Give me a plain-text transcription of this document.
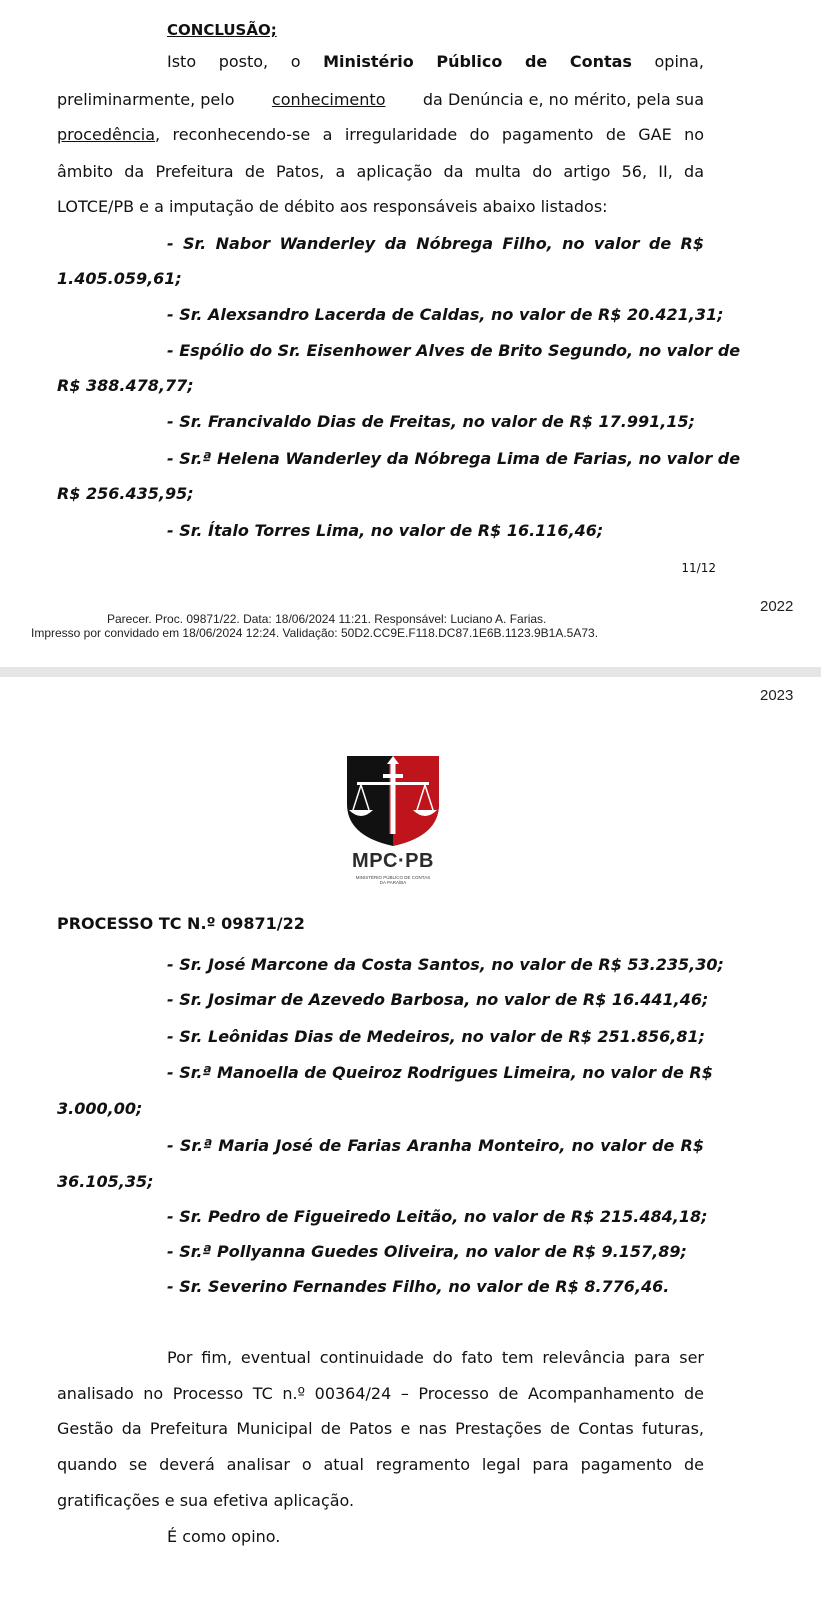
CONCLUSÃO;
Isto posto, o Ministério Público de Contas opina,
preliminarmente, pelo conhecimento da Denúncia e, no mérito, pela sua
procedência , reconhecendo-se a irregularidade do pagamento de GAE no
âmbito da Prefeitura de Patos, a aplicação da multa do artigo 56, II, da
LOTCE/PB e a imputação de débito aos responsáveis abaixo listados:
- Sr. Nabor Wanderley da Nóbrega Filho, no valor de R$
1.405.059,61;
- Sr. Alexsandro Lacerda de Caldas, no valor de R$ 20.421,31;
- Espólio do Sr. Eisenhower Alves de Brito Segundo, no valor de
R$ 388.478,77;
- Sr. Francivaldo Dias de Freitas, no valor de R$ 17.991,15;
- Sr.ª Helena Wanderley da Nóbrega Lima de Farias, no valor de
R$ 256.435,95;
- Sr. Ítalo Torres Lima, no valor de R$ 16.116,46;
11/12
Parecer. Proc. 09871/22. Data: 18/06/2024 11:21. Responsável: Luciano A. Farias.
Impresso por convidado em 18/06/2024 12:24. Validação: 50D2.CC9E.F118.DC87.1E6B.1123.9B1A.5A73.
2022
2023
MPC·PB
MINISTÉRIO PÚBLICO DE CONTAS
DA PARAÍBA
PROCESSO TC N.º 09871/22
- Sr. José Marcone da Costa Santos, no valor de R$ 53.235,30;
- Sr. Josimar de Azevedo Barbosa, no valor de R$ 16.441,46;
- Sr. Leônidas Dias de Medeiros, no valor de R$ 251.856,81;
- Sr.ª Manoella de Queiroz Rodrigues Limeira, no valor de R$
3.000,00;
- Sr.ª Maria José de Farias Aranha Monteiro, no valor de R$
36.105,35;
- Sr. Pedro de Figueiredo Leitão, no valor de R$ 215.484,18;
- Sr.ª Pollyanna Guedes Oliveira, no valor de R$ 9.157,89;
- Sr. Severino Fernandes Filho, no valor de R$ 8.776,46.
Por fim, eventual continuidade do fato tem relevância para ser
analisado no Processo TC n.º 00364/24 – Processo de Acompanhamento de
Gestão da Prefeitura Municipal de Patos e nas Prestações de Contas futuras,
quando se deverá analisar o atual regramento legal para pagamento de
gratificações e sua efetiva aplicação.
É como opino.
